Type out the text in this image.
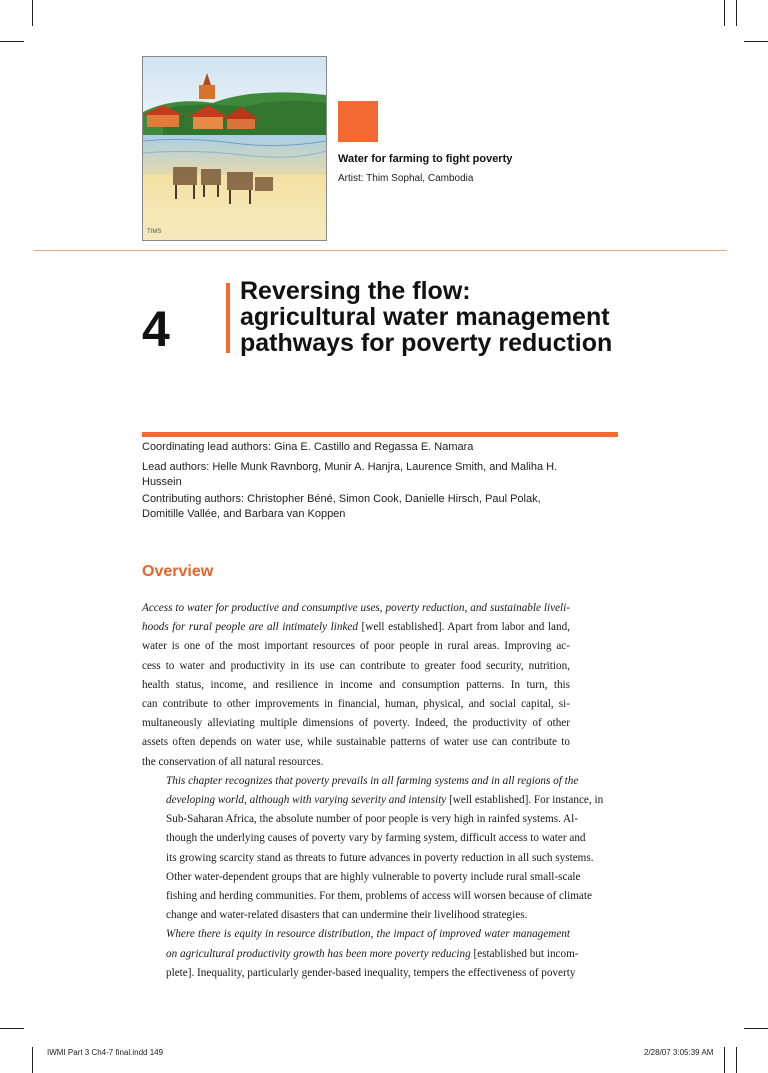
TIMS
Water for farming to fight poverty
Artist: Thim Sophal, Cambodia
4
Reversing the flow:
agricultural water management
pathways for poverty reduction
Coordinating lead authors: Gina E. Castillo and Regassa E. Namara
Lead authors: Helle Munk Ravnborg, Munir A. Hanjra, Laurence Smith, and Maliha H. Hussein
Contributing authors: Christopher Béné, Simon Cook, Danielle Hirsch, Paul Polak, Domitille Vallée, and Barbara van Koppen
Overview

Access to water for productive and consumptive uses, poverty reduction, and sustainable liveli-
hoods for rural people are all intimately linked [well established]. Apart from labor and land,
water is one of the most important resources of poor people in rural areas. Improving ac-
cess to water and productivity in its use can contribute to greater food security, nutrition,
health status, income, and resilience in income and consumption patterns. In turn, this
can contribute to other improvements in financial, human, physical, and social capital, si-
multaneously alleviating multiple dimensions of poverty. Indeed, the productivity of other
assets often depends on water use, while sustainable patterns of water use can contribute to
the conservation of all natural resources.

This chapter recognizes that poverty prevails in all farming systems and in all regions of the
developing world, although with varying severity and intensity [well established]. For instance, in
Sub-Saharan Africa, the absolute number of poor people is very high in rainfed systems. Al-
though the underlying causes of poverty vary by farming system, difficult access to water and
its growing scarcity stand as threats to future advances in poverty reduction in all such systems.
Other water-dependent groups that are highly vulnerable to poverty include rural small-scale
fishing and herding communities. For them, problems of access will worsen because of climate
change and water-related disasters that can undermine their livelihood strategies.

Where there is equity in resource distribution, the impact of improved water management
on agricultural productivity growth has been more poverty reducing [established but incom-
plete]. Inequality, particularly gender-based inequality, tempers the effectiveness of poverty

IWMI Part 3 Ch4-7 final.indd 149	2/28/07 3:05:39 AM
